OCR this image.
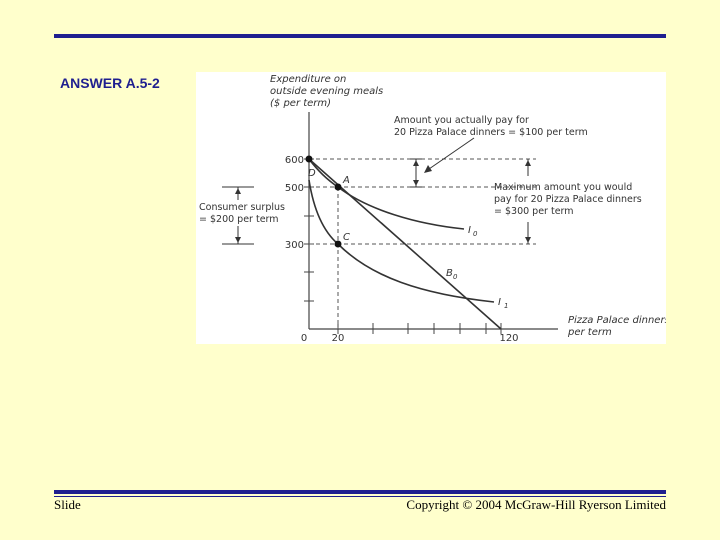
ANSWER A.5-2
D
A
C
I 0
B 0
I 1
600
500
300
0 20	120
Expenditure on
outside evening meals
($ per term)
Pizza Palace dinners
per term
Amount you actually pay for
20 Pizza Palace dinners = $100 per term
Maximum amount you would
pay for 20 Pizza Palace dinners
= $300 per term
Consumer surplus
= $200 per term
Slide	Copyright © 2004 McGraw-Hill Ryerson Limited
